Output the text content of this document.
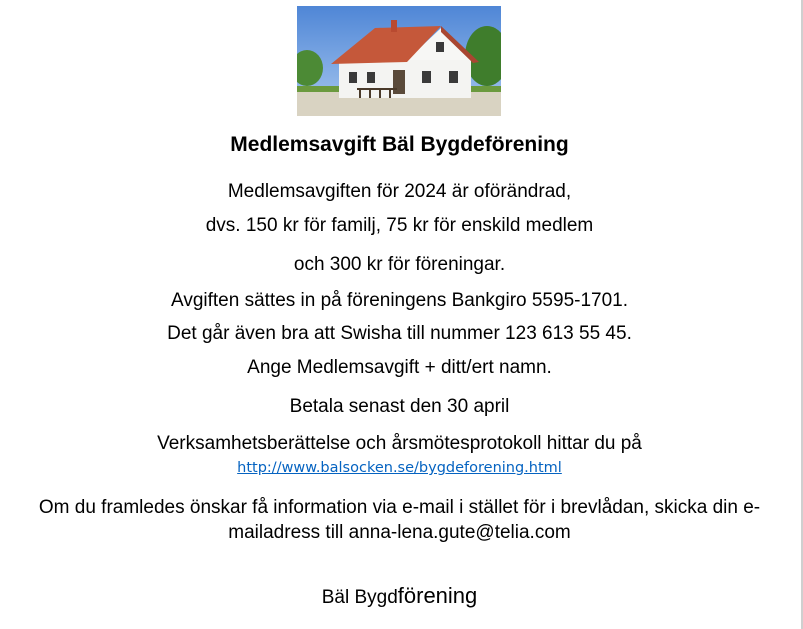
Medlemsavgift Bäl Bygdeförening
Medlemsavgiften för 2024 är oförändrad,
dvs. 150 kr för familj, 75 kr för enskild medlem
och 300 kr för föreningar.
Avgiften sättes in på föreningens Bankgiro 5595-1701.
Det går även bra att Swisha till nummer 123 613 55 45.
Ange Medlemsavgift + ditt/ert namn.
Betala senast den 30 april
Verksamhetsberättelse och årsmötesprotokoll hittar du på
http://www.balsocken.se/bygdeforening.html
Om du framledes önskar få information via e-mail i stället för i brevlådan, skicka din e-mailadress till anna-lena.gute@telia.com
Bäl Bygdförening
